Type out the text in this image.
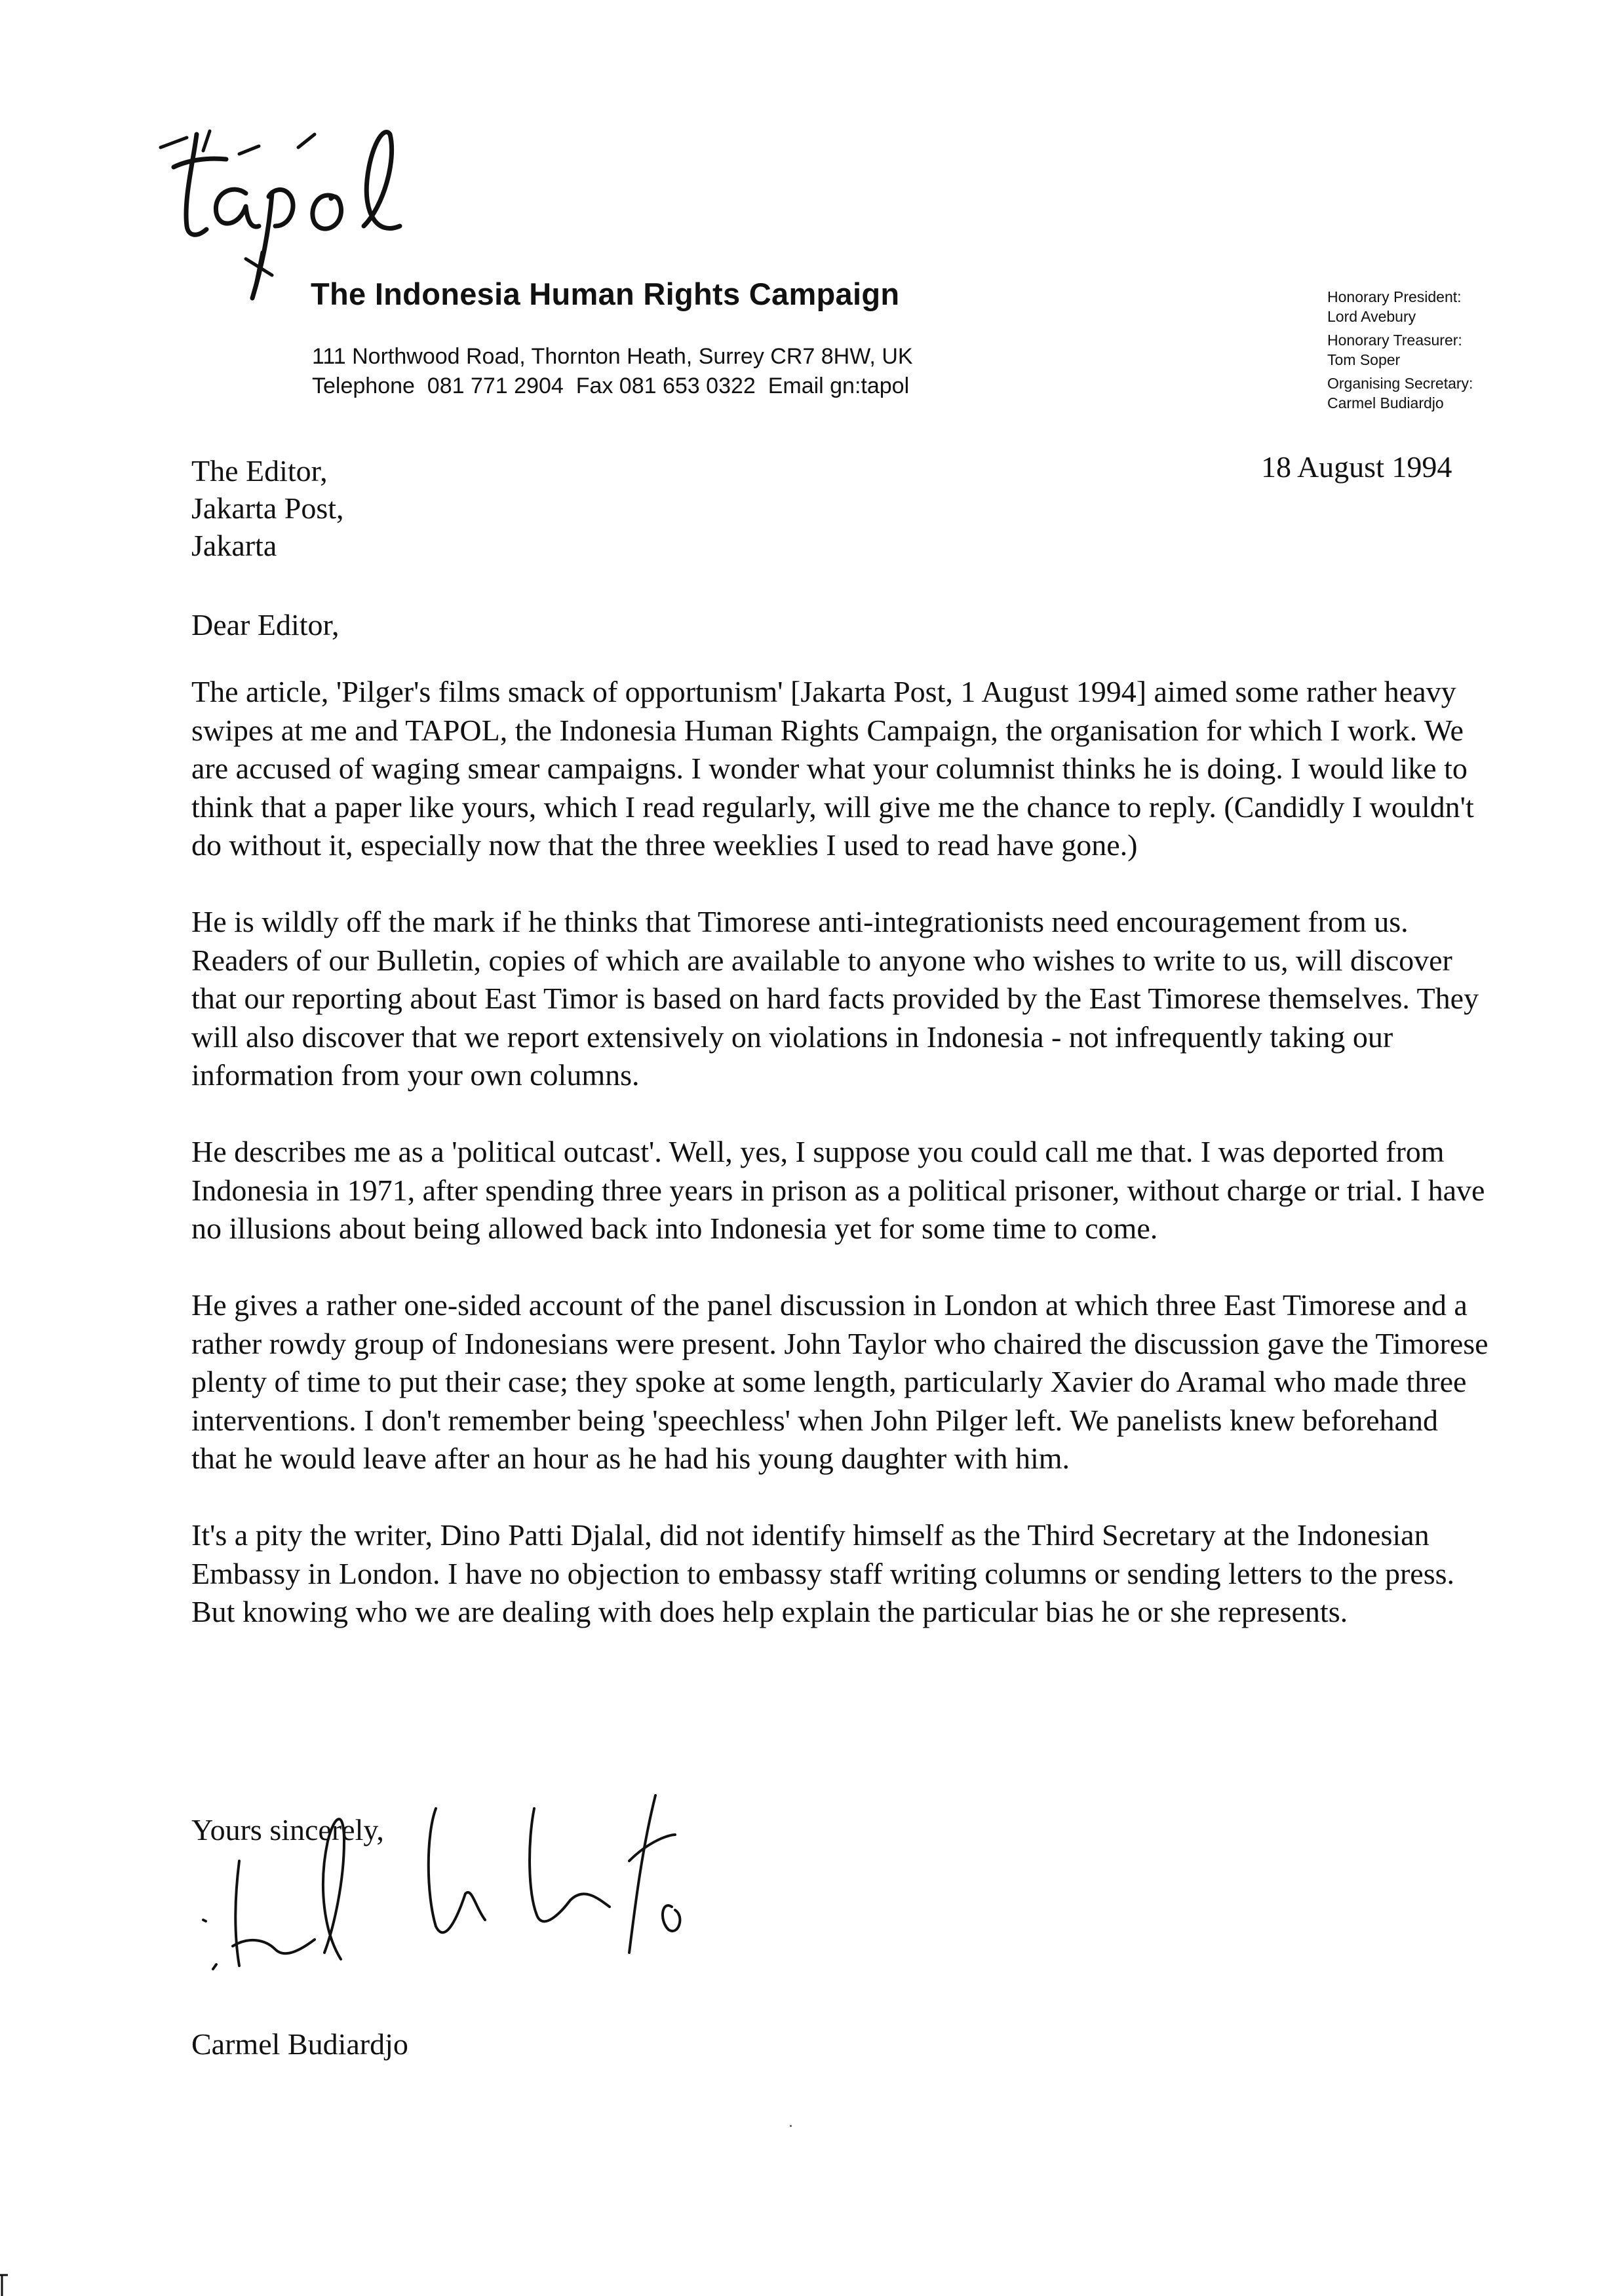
The Indonesia Human Rights Campaign
111 Northwood Road, Thornton Heath, Surrey CR7 8HW, UK
Telephone  081 771 2904  Fax 081 653 0322  Email gn:tapol
Honorary President:
Lord Avebury
Honorary Treasurer:
Tom Soper
Organising Secretary:
Carmel Budiardjo
The Editor,
Jakarta Post,
Jakarta
18 August 1994
Dear Editor,

The article, 'Pilger's films smack of opportunism' [Jakarta Post, 1 August 1994] aimed some rather heavy swipes at me and TAPOL, the Indonesia Human Rights Campaign, the organisation for which I work. We are accused of waging smear campaigns. I wonder what your columnist thinks he is doing. I would like to think that a paper like yours, which I read regularly, will give me the chance to reply. (Candidly I wouldn't do without it, especially now that the three weeklies I used to read have gone.)

He is wildly off the mark if he thinks that Timorese anti-integrationists need encouragement from us. Readers of our Bulletin, copies of which are available to anyone who wishes to write to us, will discover that our reporting about East Timor is based on hard facts provided by the East Timorese themselves. They will also discover that we report extensively on violations in Indonesia - not infrequently taking our information from your own columns.

He describes me as a 'political outcast'. Well, yes, I suppose you could call me that. I was deported from Indonesia in 1971, after spending three years in prison as a political prisoner, without charge or trial. I have no illusions about being allowed back into Indonesia yet for some time to come.

He gives a rather one-sided account of the panel discussion in London at which three East Timorese and a rather rowdy group of Indonesians were present. John Taylor who chaired the discussion gave the Timorese plenty of time to put their case; they spoke at some length, particularly Xavier do Aramal who made three interventions. I don't remember being 'speechless' when John Pilger left. We panelists knew beforehand that he would leave after an hour as he had his young daughter with him.

It's a pity the writer, Dino Patti Djalal, did not identify himself as the Third Secretary at the Indonesian Embassy in London. I have no objection to embassy staff writing columns or sending letters to the press. But knowing who we are dealing with does help explain the particular bias he or she represents.

Yours sincerely,
Carmel Budiardjo
